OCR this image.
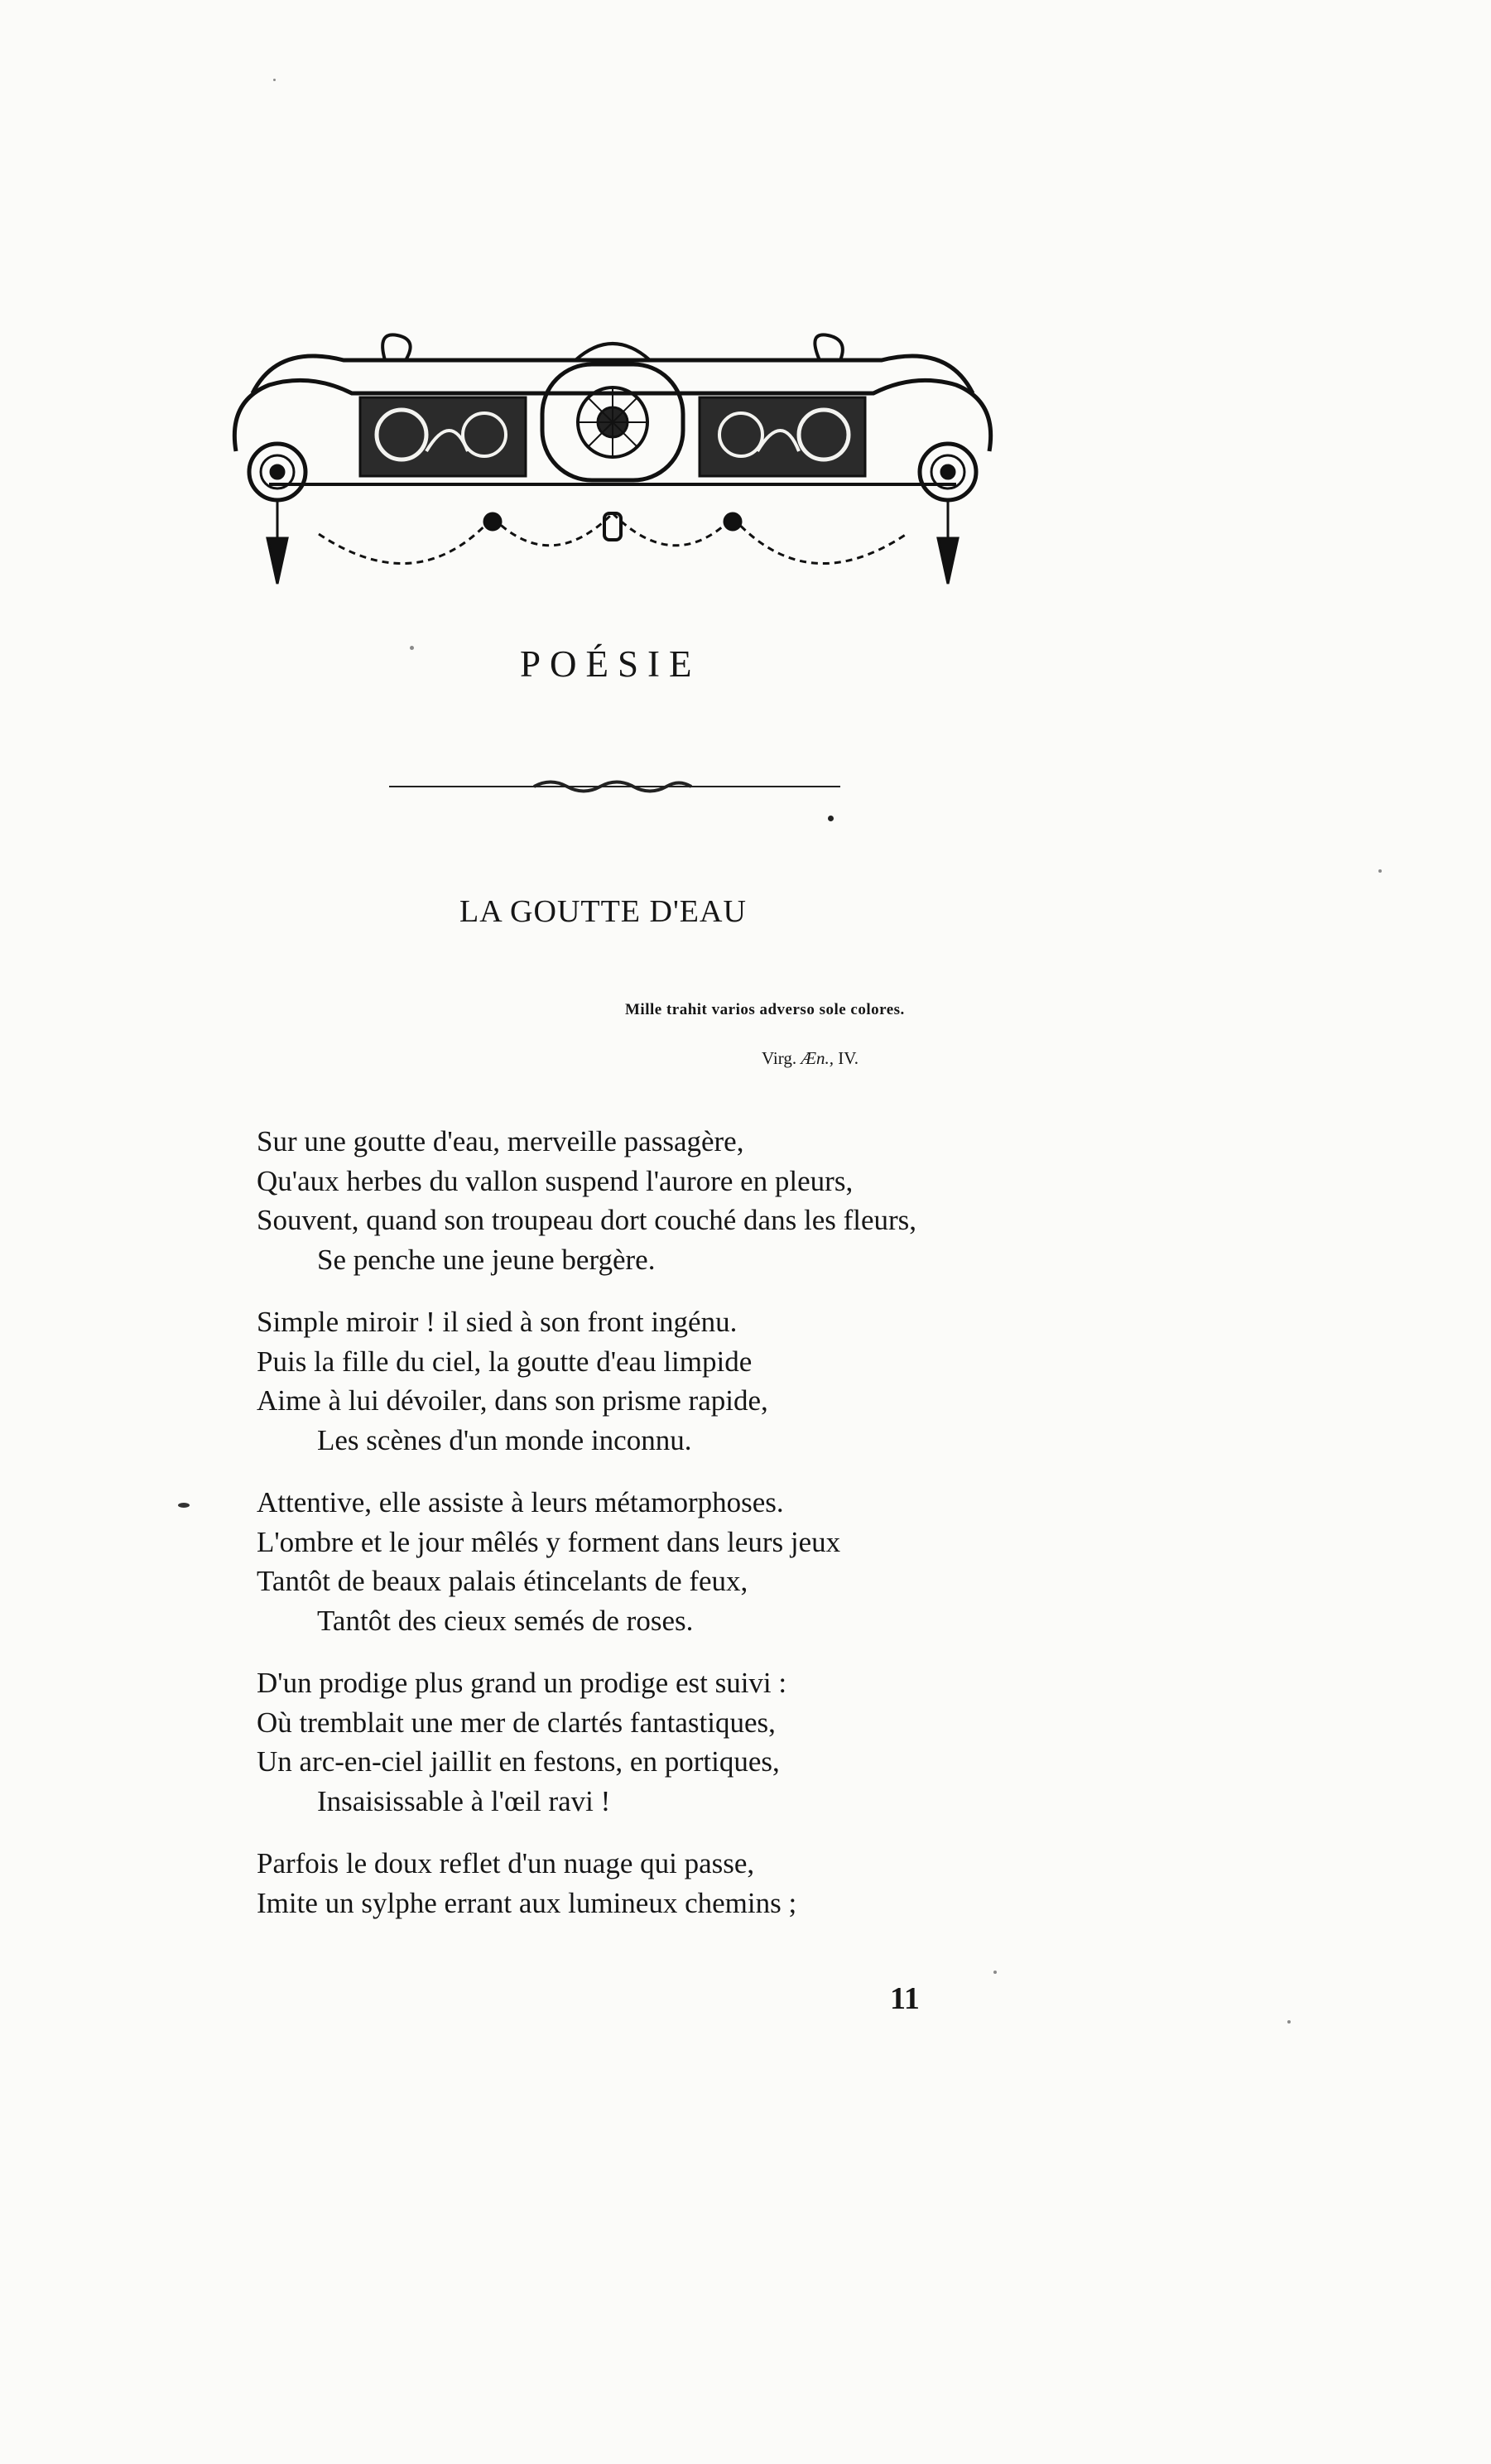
POÉSIE
LA GOUTTE D'EAU
Mille trahit varios adverso sole colores.
Virg. Æn., IV.
Sur une goutte d'eau, merveille passagère,
Qu'aux herbes du vallon suspend l'aurore en pleurs,
Souvent, quand son troupeau dort couché dans les fleurs,
Se penche une jeune bergère.
Simple miroir ! il sied à son front ingénu.
Puis la fille du ciel, la goutte d'eau limpide
Aime à lui dévoiler, dans son prisme rapide,
Les scènes d'un monde inconnu.
Attentive, elle assiste à leurs métamorphoses.
L'ombre et le jour mêlés y forment dans leurs jeux
Tantôt de beaux palais étincelants de feux,
Tantôt des cieux semés de roses.
D'un prodige plus grand un prodige est suivi :
Où tremblait une mer de clartés fantastiques,
Un arc-en-ciel jaillit en festons, en portiques,
Insaisissable à l'œil ravi !
Parfois le doux reflet d'un nuage qui passe,
Imite un sylphe errant aux lumineux chemins ;
11
